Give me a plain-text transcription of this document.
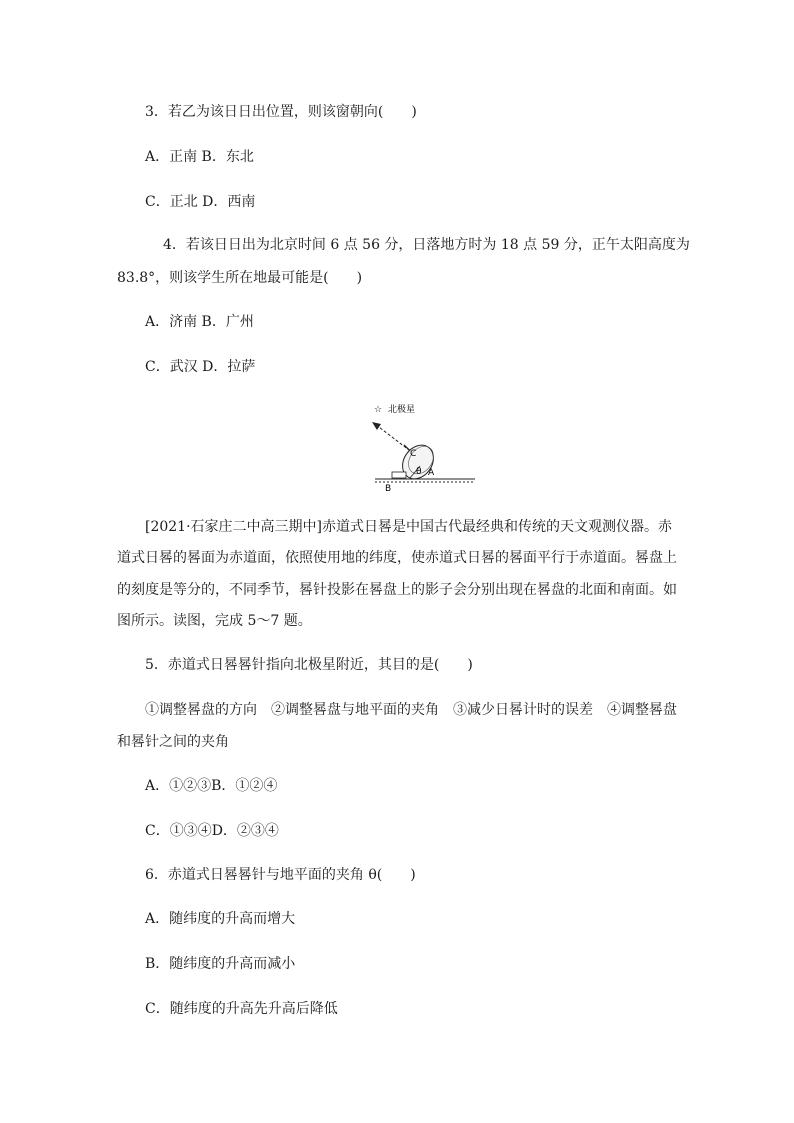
3．若乙为该日日出位置，则该窗朝向(　　)
A．正南 B．东北
C．正北 D．西南
4．若该日日出为北京时间 6 点 56 分，日落地方时为 18 点 59 分，正午太阳高度为
83.8°，则该学生所在地最可能是(　　)
A．济南 B．广州
C．武汉 D．拉萨
☆ 北极星
C
θ A
B
[2021·石家庄二中高三期中]赤道式日晷是中国古代最经典和传统的天文观测仪器。赤
道式日晷的晷面为赤道面，依照使用地的纬度，使赤道式日晷的晷面平行于赤道面。晷盘上
的刻度是等分的，不同季节，晷针投影在晷盘上的影子会分别出现在晷盘的北面和南面。如
图所示。读图，完成 5～7 题。
5．赤道式日晷晷针指向北极星附近，其目的是(　　)
①调整晷盘的方向　②调整晷盘与地平面的夹角　③减少日晷计时的误差　④调整晷盘
和晷针之间的夹角
A．①②③B．①②④
C．①③④D．②③④
6．赤道式日晷晷针与地平面的夹角 θ(　　)
A．随纬度的升高而增大
B．随纬度的升高而减小
C．随纬度的升高先升高后降低
